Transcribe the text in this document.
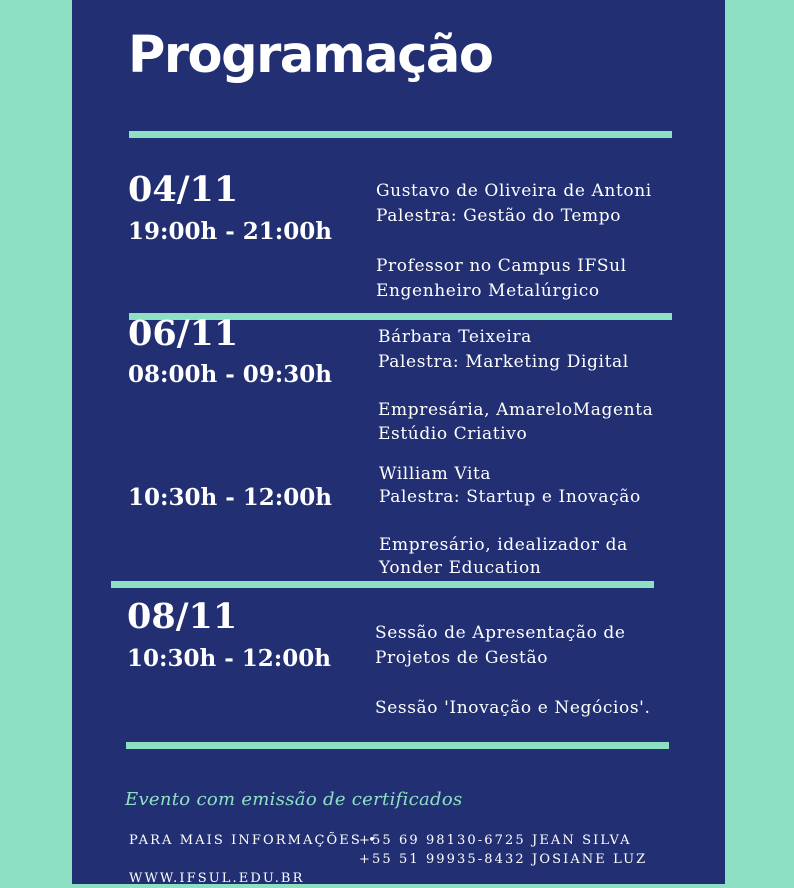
Programação
04/11
19:00h - 21:00h
Gustavo de Oliveira de Antoni
Palestra: Gestão do Tempo
Professor no Campus IFSul
Engenheiro Metalúrgico
06/11
08:00h - 09:30h
Bárbara Teixeira
Palestra: Marketing Digital
Empresária, AmareloMagenta
Estúdio Criativo
10:30h - 12:00h
William Vita
Palestra: Startup e Inovação
Empresário, idealizador da
Yonder Education
08/11
10:30h - 12:00h
Sessão de Apresentação de
Projetos de Gestão
Sessão 'Inovação e Negócios'.
Evento com emissão de certificados
PARA MAIS INFORMAÇÕES •
+55 69 98130-6725 JEAN SILVA
+55 51 99935-8432 JOSIANE LUZ
WWW.IFSUL.EDU.BR
